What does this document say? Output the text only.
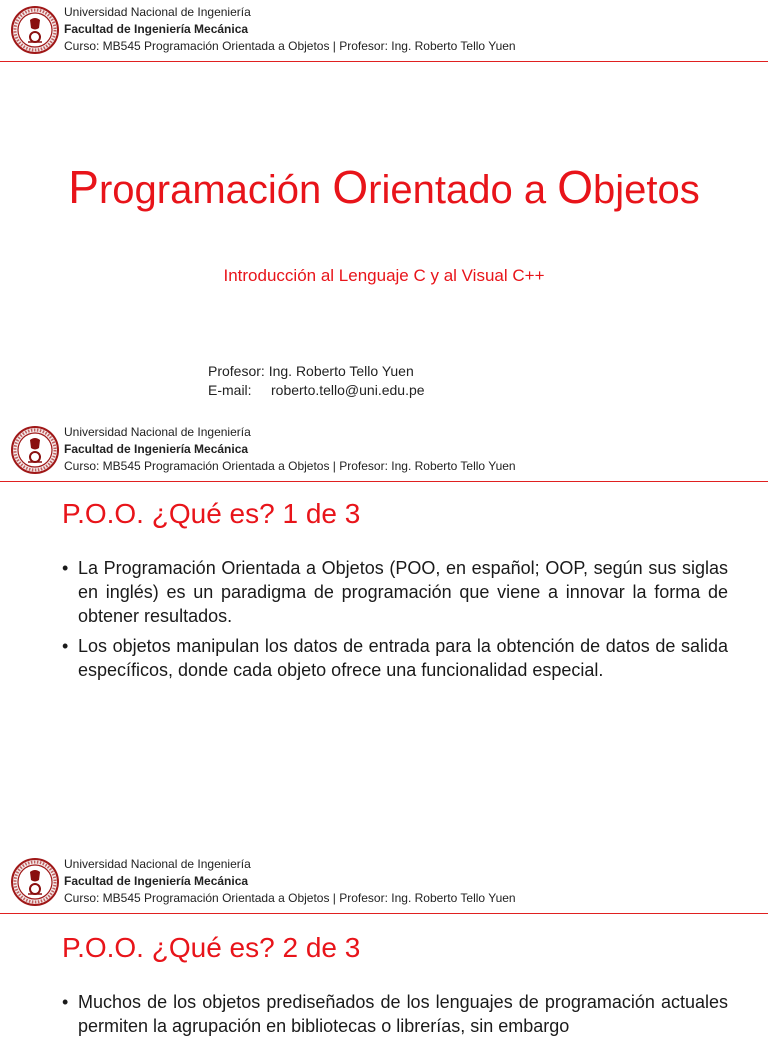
Universidad Nacional de Ingeniería
Facultad de Ingeniería Mecánica
Curso: MB545 Programación Orientada a Objetos | Profesor: Ing. Roberto Tello Yuen
Programación Orientado a Objetos
Introducción al Lenguaje C y al Visual C++
Profesor: Ing. Roberto Tello Yuen
E-mail: roberto.tello@uni.edu.pe
Universidad Nacional de Ingeniería
Facultad de Ingeniería Mecánica
Curso: MB545 Programación Orientada a Objetos | Profesor: Ing. Roberto Tello Yuen
P.O.O. ¿Qué es? 1 de 3
• La Programación Orientada a Objetos (POO, en español; OOP, según sus siglas en inglés) es un paradigma de programación que viene a innovar la forma de obtener resultados.
• Los objetos manipulan los datos de entrada para la obtención de datos de salida específicos, donde cada objeto ofrece una funcionalidad especial.
Universidad Nacional de Ingeniería
Facultad de Ingeniería Mecánica
Curso: MB545 Programación Orientada a Objetos | Profesor: Ing. Roberto Tello Yuen
P.O.O. ¿Qué es? 2 de 3
• Muchos de los objetos prediseñados de los lenguajes de programación actuales permiten la agrupación en bibliotecas o librerías, sin embargo
